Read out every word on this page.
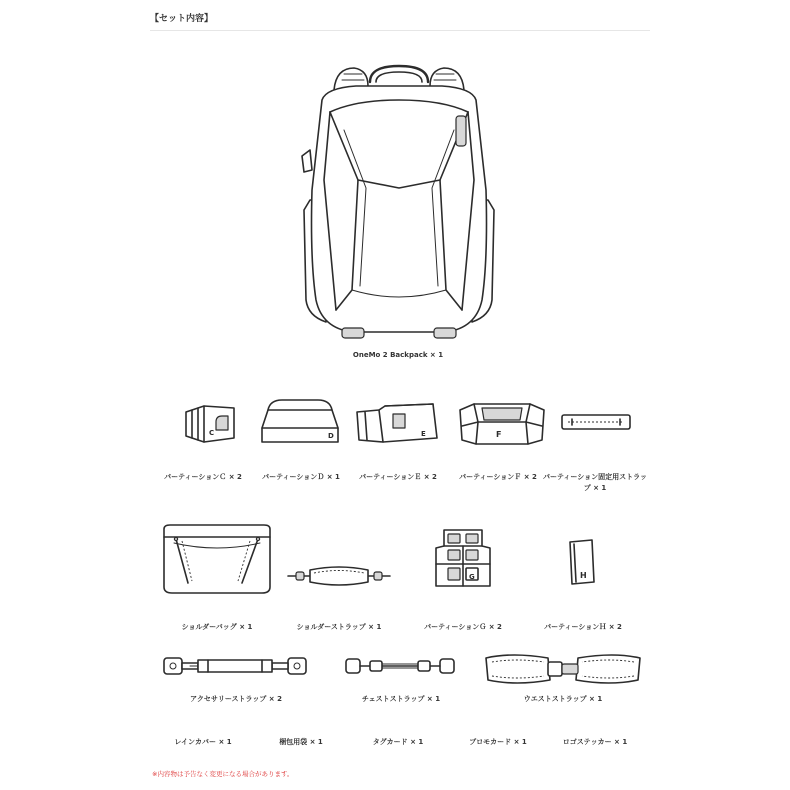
【セット内容】
OneMo 2 Backpack × 1
C	D	E	F
パーティーションＣ × 2	パーティーションＤ × 1	パーティーションＥ × 2	パーティーションＦ × 2 パーティーション固定用ストラップ × 1
G	H
ショルダーバッグ × 1	ショルダーストラップ × 1	パーティーションＧ × 2	パーティーションＨ × 2
アクセサリーストラップ × 2	チェストストラップ × 1	ウエストストラップ × 1
レインカバー × 1	梱包用袋 × 1	タグカード × 1	プロモカード × 1	ロゴステッカー × 1
※内容物は予告なく変更になる場合があります。
